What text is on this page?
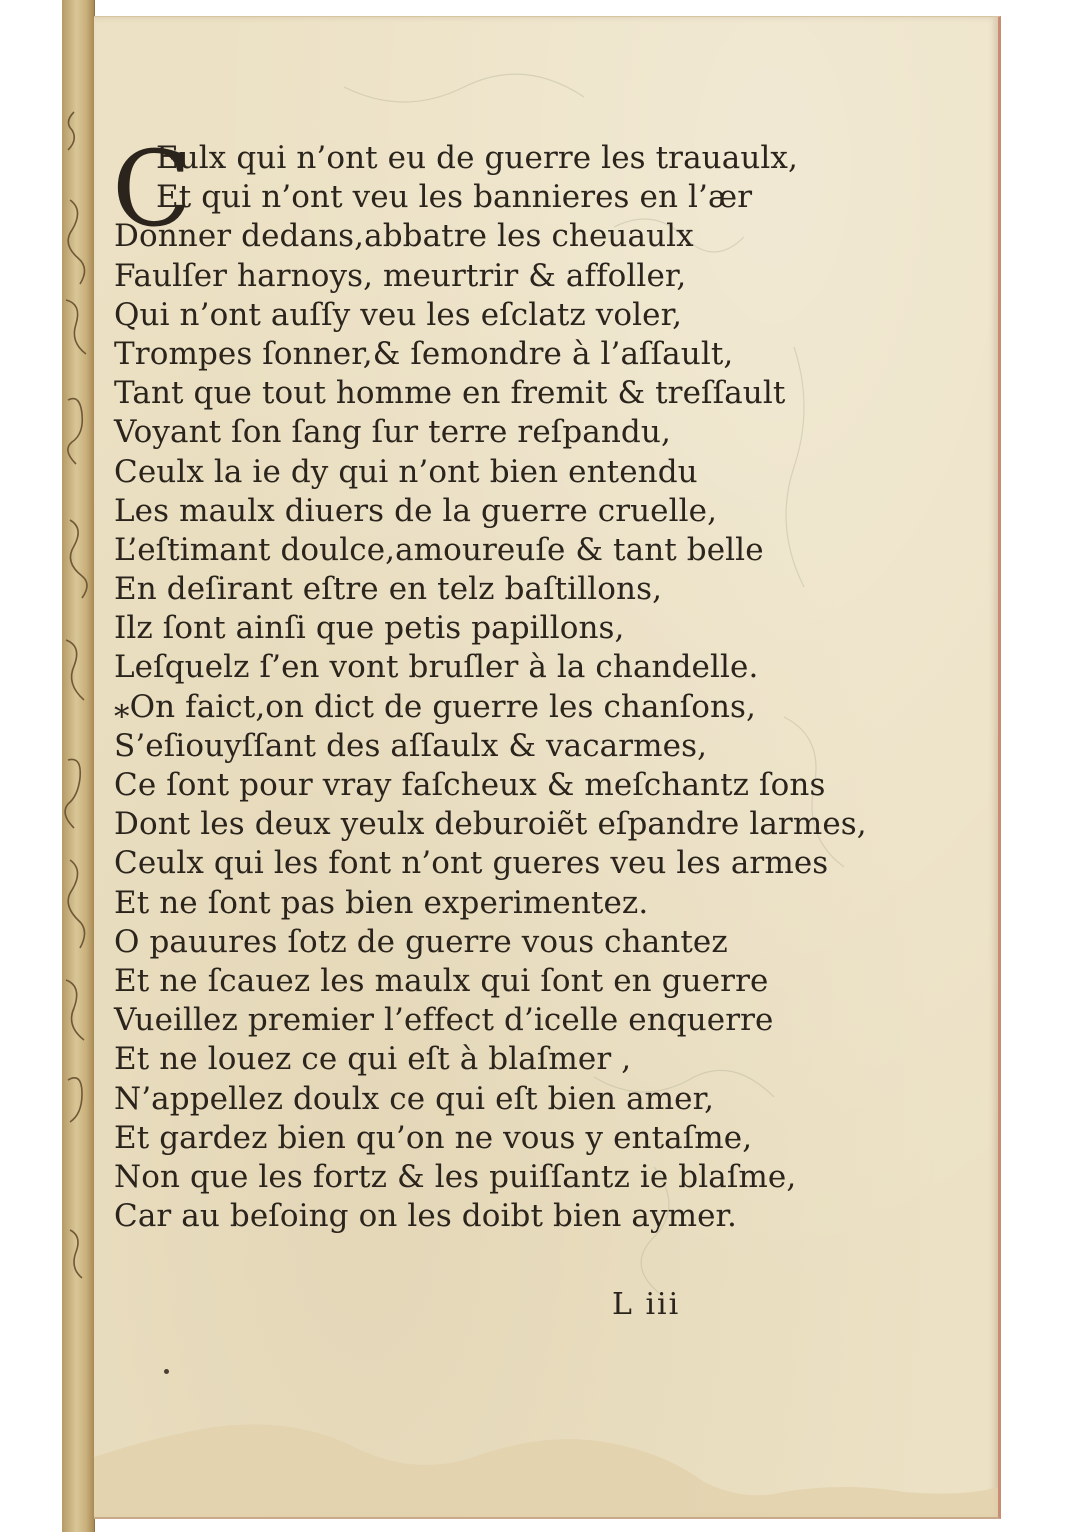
C
Eulx qui n’ont eu de guerre les trauaulx,
Et qui n’ont veu les bannieres en l’ær
Donner dedans,abbatre les cheuaulx
Faulſer harnoys, meurtrir & affoller,
Qui n’ont auſſy veu les eſclatz voler,
Trompes ſonner,& ſemondre à l’aſſault,
Tant que tout homme en fremit & treſſault
Voyant ſon ſang ſur terre reſpandu,
Ceulx la ie dy qui n’ont bien entendu
Les maulx diuers de la guerre cruelle,
L’eſtimant doulce,amoureuſe & tant belle
En deſirant eſtre en telz baſtillons,
Ilz ſont ainſi que petis papillons,
Leſquelz ſ’en vont bruſler à la chandelle.
⁎On faict,on dict de guerre les chanſons,
S’eſiouyſſant des aſſaulx & vacarmes,
Ce ſont pour vray faſcheux & meſchantz ſons
Dont les deux yeulx deburoiẽt eſpandre larmes,
Ceulx qui les font n’ont gueres veu les armes
Et ne ſont pas bien experimentez.
O pauures ſotz de guerre vous chantez
Et ne ſcauez les maulx qui ſont en guerre
Vueillez premier l’effect d’icelle enquerre
Et ne louez ce qui eſt à blaſmer ,
N’appellez doulx ce qui eſt bien amer,
Et gardez bien qu’on ne vous y entaſme,
Non que les fortz & les puiſſantz ie blaſme,
Car au beſoing on les doibt bien aymer.
L iii
